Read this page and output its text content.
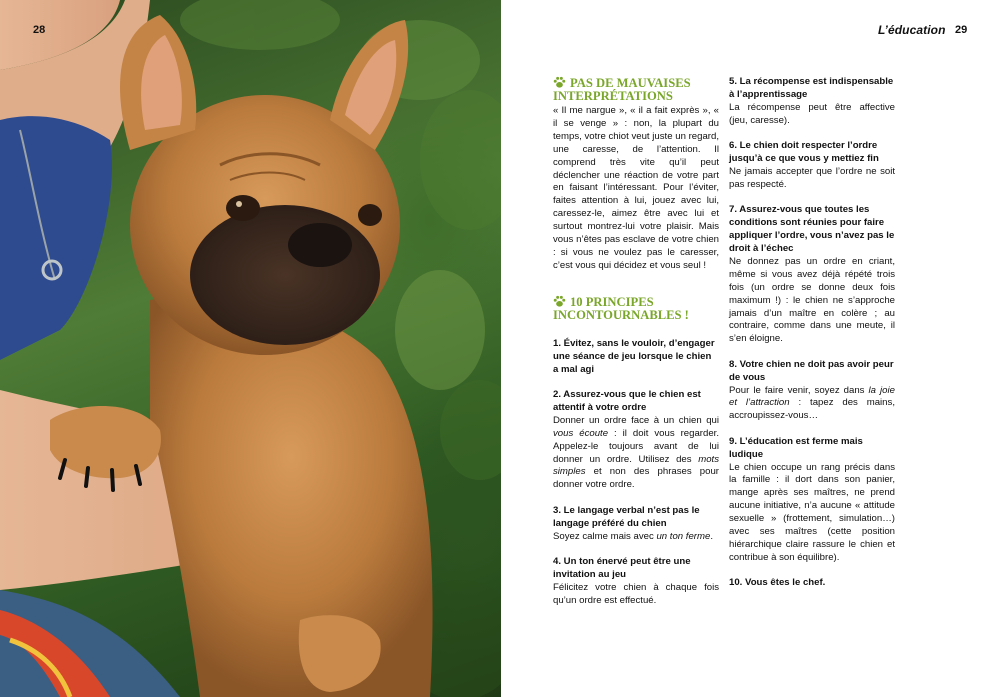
28	L’éducation 29
PAS DE MAUVAISES
INTERPRÉTATIONS

« Il me nargue », « il a fait exprès », « il se venge » : non, la plupart du temps, votre chiot veut juste un regard, une caresse, de l’attention. Il comprend très vite qu’il peut déclencher une réaction de votre part en faisant l’intéressant. Pour l’éviter, faites attention à lui, jouez avec lui, caressez-le, aimez être avec lui et surtout montrez-lui votre plaisir. Mais vous n’êtes pas esclave de votre chien : si vous ne voulez pas le caresser, c’est vous qui décidez et vous seul !

10 PRINCIPES
INCONTOURNABLES !
1. Évitez, sans le vouloir, d’engager une séance de jeu lorsque le chien a mal agi
2. Assurez-vous que le chien est attentif à votre ordre

Donner un ordre face à un chien qui vous écoute : il doit vous regarder. Appelez-le toujours avant de lui donner un ordre. Utilisez des mots simples et non des phrases pour donner votre ordre.

3. Le langage verbal n’est pas le langage préféré du chien

Soyez calme mais avec un ton ferme.

4. Un ton énervé peut être une invitation au jeu

Félicitez votre chien à chaque fois qu’un ordre est effectué.

5. La récompense est indispensable à l’apprentissage

La récompense peut être affective (jeu, caresse).

6. Le chien doit respecter l’ordre jusqu’à ce que vous y mettiez fin

Ne jamais accepter que l’ordre ne soit pas respecté.

7. Assurez-vous que toutes les conditions sont réunies pour faire appliquer l’ordre, vous n’avez pas le droit à l’échec

Ne donnez pas un ordre en criant, même si vous avez déjà répété trois fois (un ordre se donne deux fois maximum !) : le chien ne s’approche jamais d’un maître en colère ; au contraire, comme dans une meute, il s’en éloigne.

8. Votre chien ne doit pas avoir peur de vous

Pour le faire venir, soyez dans la joie et l’attraction : tapez des mains, accroupissez-vous…

9. L’éducation est ferme mais ludique

Le chien occupe un rang précis dans la famille : il dort dans son panier, mange après ses maîtres, ne prend aucune initiative, n’a aucune « attitude sexuelle » (frottement, simulation…) avec ses maîtres (cette position hiérarchique claire rassure le chien et contribue à son équilibre).

10. Vous êtes le chef.
